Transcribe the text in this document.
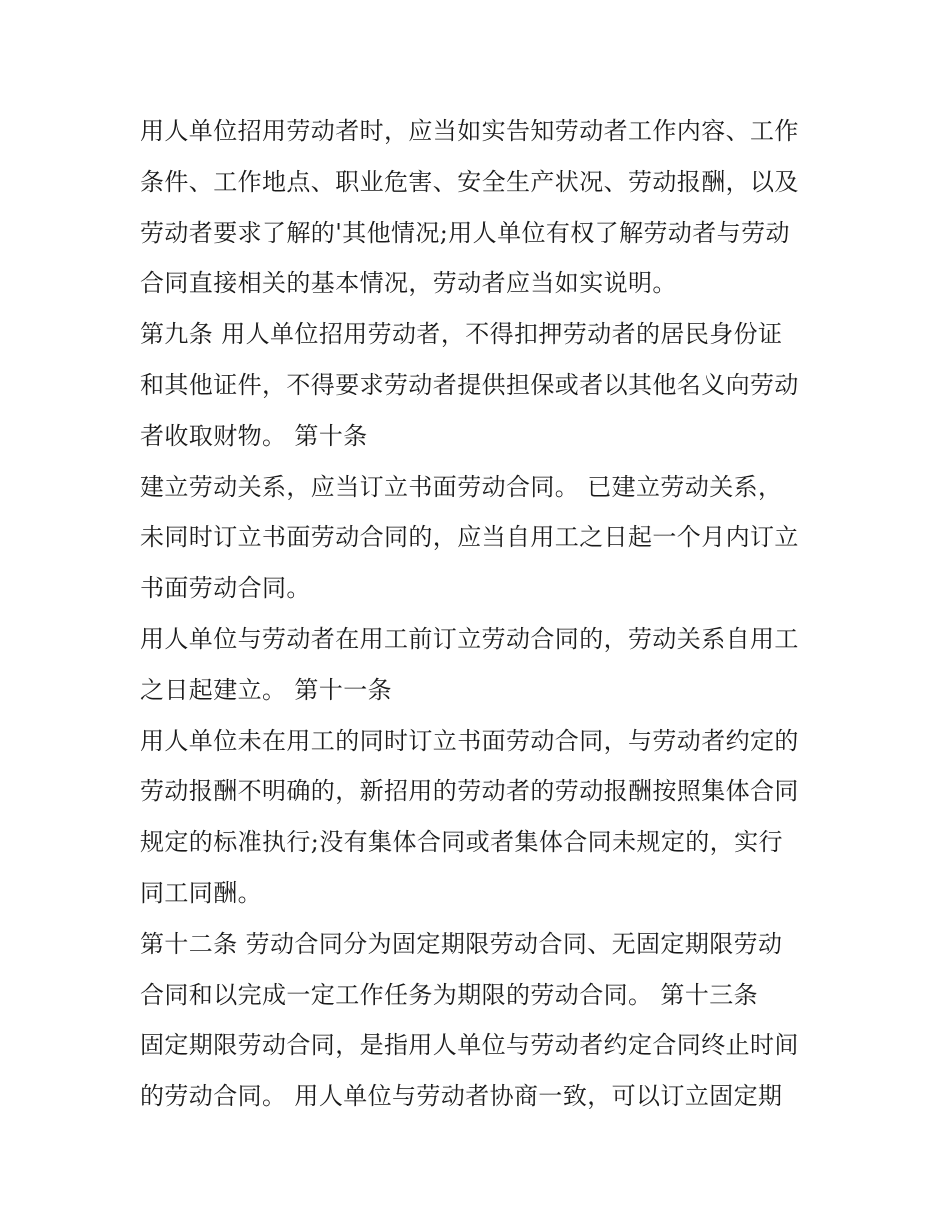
用人单位招用劳动者时，应当如实告知劳动者工作内容、工作
条件、工作地点、职业危害、安全生产状况、劳动报酬，以及
劳动者要求了解的'其他情况;用人单位有权了解劳动者与劳动
合同直接相关的基本情况，劳动者应当如实说明。
第九条 用人单位招用劳动者，不得扣押劳动者的居民身份证
和其他证件，不得要求劳动者提供担保或者以其他名义向劳动
者收取财物。 第十条
建立劳动关系，应当订立书面劳动合同。 已建立劳动关系，
未同时订立书面劳动合同的，应当自用工之日起一个月内订立
书面劳动合同。
用人单位与劳动者在用工前订立劳动合同的，劳动关系自用工
之日起建立。 第十一条
用人单位未在用工的同时订立书面劳动合同，与劳动者约定的
劳动报酬不明确的，新招用的劳动者的劳动报酬按照集体合同
规定的标准执行;没有集体合同或者集体合同未规定的，实行
同工同酬。
第十二条 劳动合同分为固定期限劳动合同、无固定期限劳动
合同和以完成一定工作任务为期限的劳动合同。 第十三条
固定期限劳动合同，是指用人单位与劳动者约定合同终止时间
的劳动合同。 用人单位与劳动者协商一致，可以订立固定期
